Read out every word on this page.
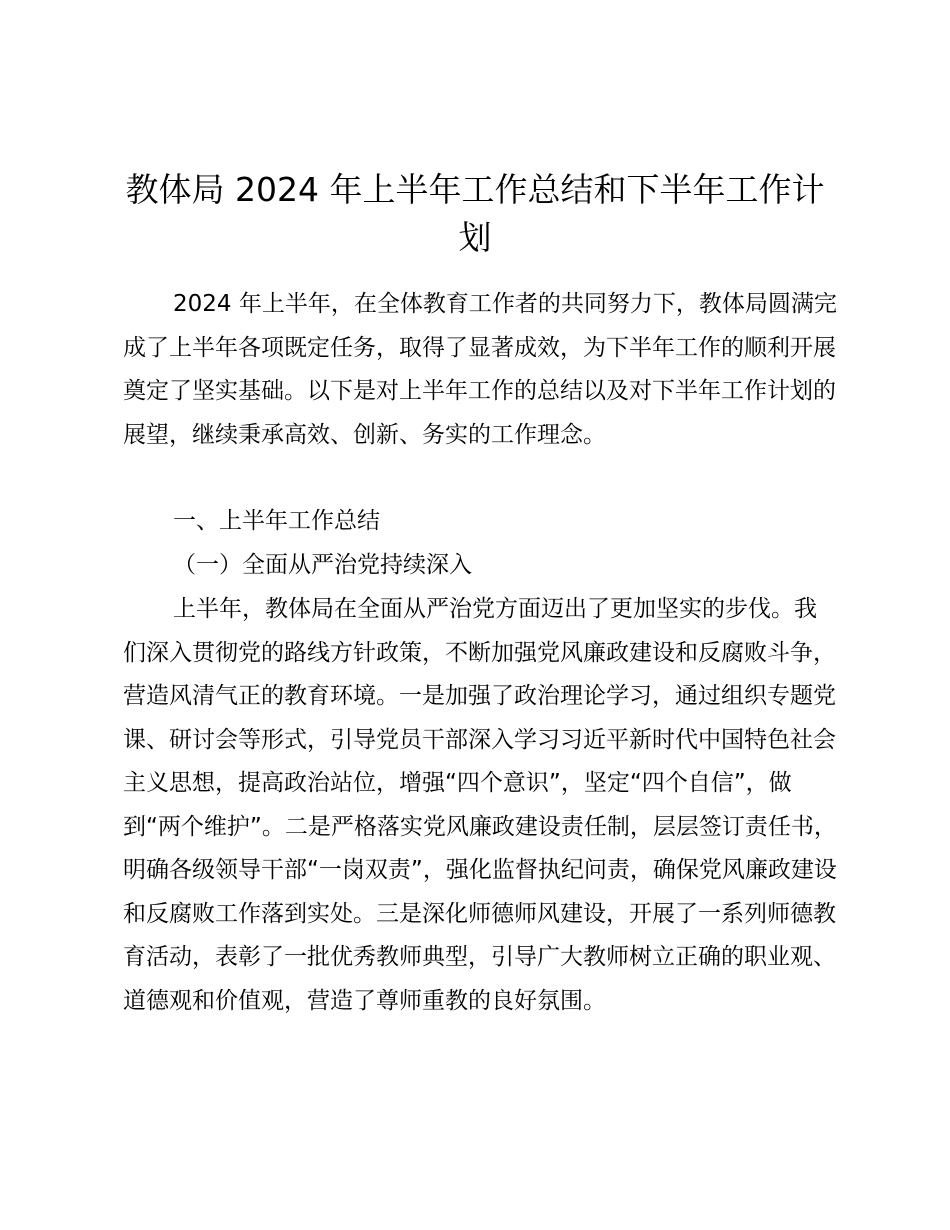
教体局 2024 年上半年工作总结和下半年工作计划

2024 年上半年，在全体教育工作者的共同努力下，教体局圆满完成了上半年各项既定任务，取得了显著成效，为下半年工作的顺利开展奠定了坚实基础。以下是对上半年工作的总结以及对下半年工作计划的展望，继续秉承高效、创新、务实的工作理念。

一、上半年工作总结

（一）全面从严治党持续深入

上半年，教体局在全面从严治党方面迈出了更加坚实的步伐。我们深入贯彻党的路线方针政策，不断加强党风廉政建设和反腐败斗争，营造风清气正的教育环境。一是加强了政治理论学习，通过组织专题党课、研讨会等形式，引导党员干部深入学习习近平新时代中国特色社会主义思想，提高政治站位，增强“四个意识”，坚定“四个自信”，做到“两个维护”。二是严格落实党风廉政建设责任制，层层签订责任书，明确各级领导干部“一岗双责”，强化监督执纪问责，确保党风廉政建设和反腐败工作落到实处。三是深化师德师风建设，开展了一系列师德教育活动，表彰了一批优秀教师典型，引导广大教师树立正确的职业观、道德观和价值观，营造了尊师重教的良好氛围。
